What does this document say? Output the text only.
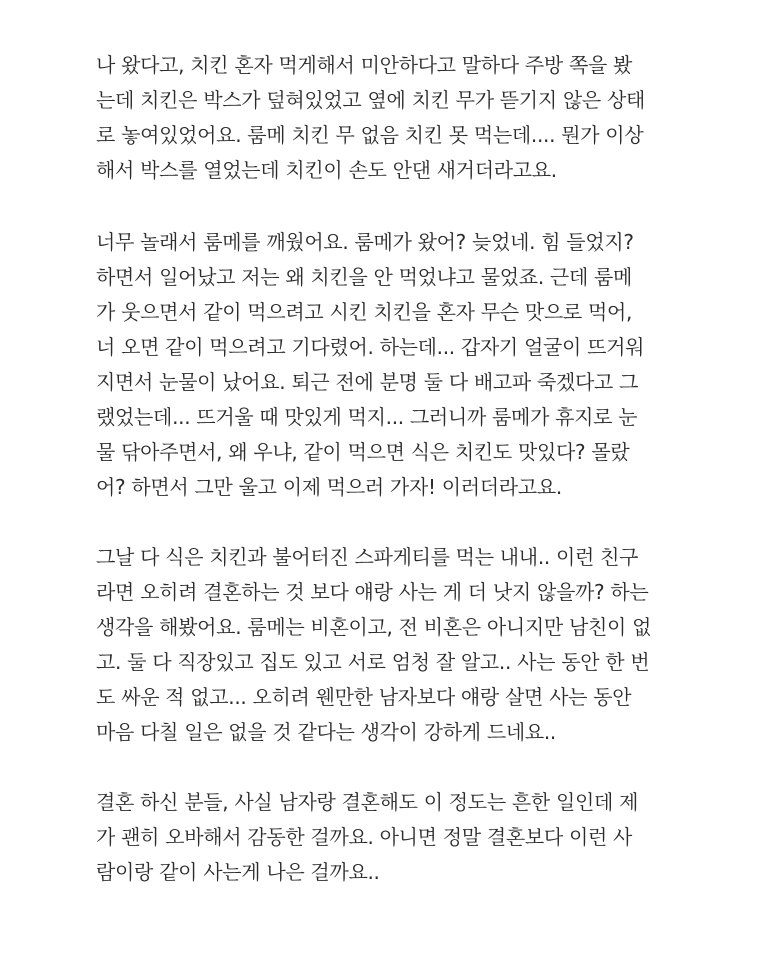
나 왔다고, 치킨 혼자 먹게해서 미안하다고 말하다 주방 쪽을 봤
는데 치킨은 박스가 덮혀있었고 옆에 치킨 무가 뜯기지 않은 상태
로 놓여있었어요. 룸메 치킨 무 없음 치킨 못 먹는데.... 뭔가 이상
해서 박스를 열었는데 치킨이 손도 안댄 새거더라고요.
너무 놀래서 룸메를 깨웠어요. 룸메가 왔어? 늦었네. 힘 들었지?
하면서 일어났고 저는 왜 치킨을 안 먹었냐고 물었죠. 근데 룸메
가 웃으면서 같이 먹으려고 시킨 치킨을 혼자 무슨 맛으로 먹어,
너 오면 같이 먹으려고 기다렸어. 하는데... 갑자기 얼굴이 뜨거워
지면서 눈물이 났어요. 퇴근 전에 분명 둘 다 배고파 죽겠다고 그
랬었는데... 뜨거울 때 맛있게 먹지... 그러니까 룸메가 휴지로 눈
물 닦아주면서, 왜 우냐, 같이 먹으면 식은 치킨도 맛있다? 몰랐
어? 하면서 그만 울고 이제 먹으러 가자! 이러더라고요.
그날 다 식은 치킨과 불어터진 스파게티를 먹는 내내.. 이런 친구
라면 오히려 결혼하는 것 보다 얘랑 사는 게 더 낫지 않을까? 하는
생각을 해봤어요. 룸메는 비혼이고, 전 비혼은 아니지만 남친이 없
고. 둘 다 직장있고 집도 있고 서로 엄청 잘 알고.. 사는 동안 한 번
도 싸운 적 없고... 오히려 웬만한 남자보다 얘랑 살면 사는 동안
마음 다칠 일은 없을 것 같다는 생각이 강하게 드네요..
결혼 하신 분들, 사실 남자랑 결혼해도 이 정도는 흔한 일인데 제
가 괜히 오바해서 감동한 걸까요. 아니면 정말 결혼보다 이런 사
람이랑 같이 사는게 나은 걸까요..
